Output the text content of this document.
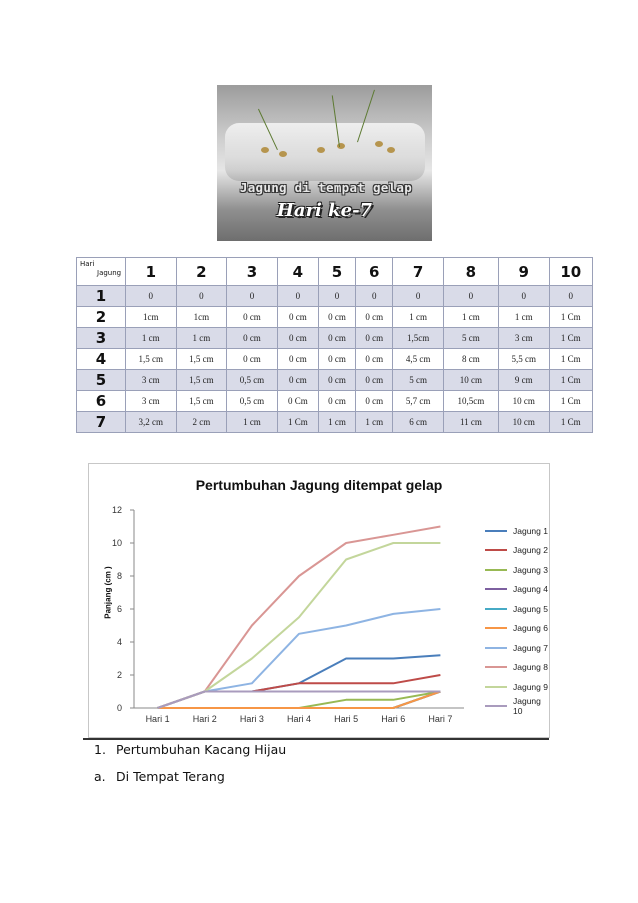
Jagung di tempat gelap
Hari ke-7
Hari
Jagung	1	2	3	4	5	6	7	8	9	10
1	0	0	0	0	0	0	0	0	0	0
2	1cm	1cm	0 cm	0 cm	0 cm	0 cm	1 cm	1 cm	1 cm	1 Cm
3	1 cm	1 cm	0 cm	0 cm	0 cm	0 cm	1,5cm	5 cm	3 cm	1 Cm
4	1,5 cm	1,5 cm	0 cm	0 cm	0 cm	0 cm	4,5 cm	8 cm	5,5 cm	1 Cm
5	3 cm	1,5 cm	0,5 cm	0 cm	0 cm	0 cm	5 cm	10 cm	9 cm	1 Cm
6	3 cm	1,5 cm	0,5 cm	0 Cm	0 cm	0 cm	5,7 cm	10,5cm	10 cm	1 Cm
7	3,2 cm	2 cm	1 cm	1 Cm	1 cm	1 cm	6 cm	11 cm	10 cm	1 Cm
Pertumbuhan Jagung ditempat gelap
Panjang (cm )
0
2
4
6
8
10
12
Hari 1	Hari 2	Hari 3	Hari 4	Hari 5	Hari 6	Hari 7
Jagung 1
Jagung 2
Jagung 3
Jagung 4
Jagung 5
Jagung 6
Jagung 7
Jagung 8
Jagung 9
Jagung 10
1. Pertumbuhan Kacang Hijau
a. Di Tempat Terang
